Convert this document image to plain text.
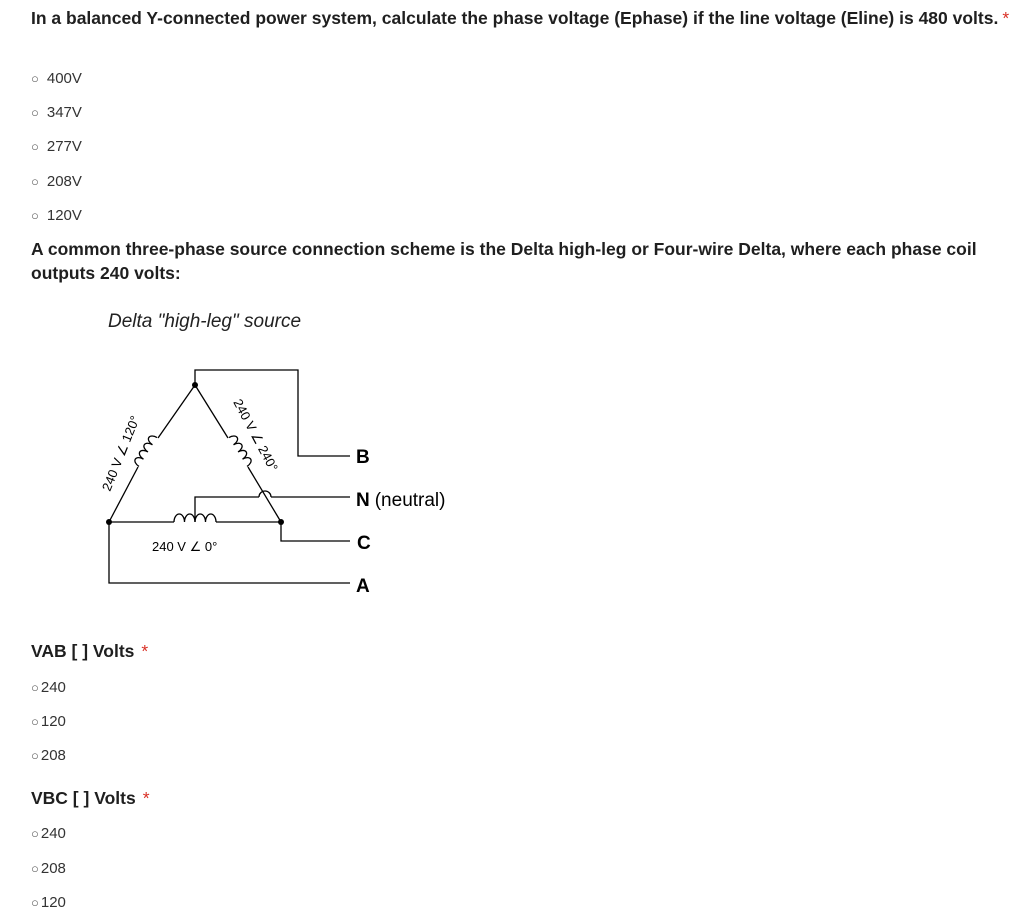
In a balanced Y-connected power system, calculate the phase voltage (Ephase) if the line voltage (Eline) is 480 volts. *

○ 400V
○ 347V
○ 277V
○ 208V
○ 120V

A common three-phase source connection scheme is the Delta high-leg or Four-wire Delta, where each phase coil outputs 240 volts:

Delta "high-leg" source
240 V ∠ 120°	240 V ∠ 240°
240 V ∠ 0°
B
N (neutral)
C
A

VAB [ ] Volts *

○ 240
○ 120
○ 208

VBC [ ] Volts *

○ 240
○ 208
○ 120
